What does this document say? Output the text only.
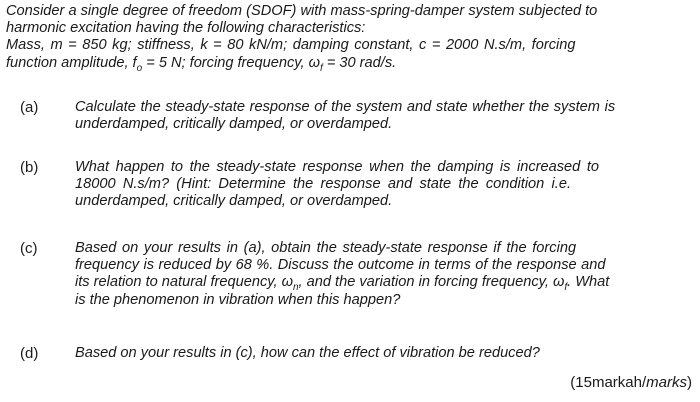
Consider a single degree of freedom (SDOF) with mass-spring-damper system subjected to
harmonic excitation having the following characteristics:
Mass, m = 850 kg; stiffness, k = 80 kN/m; damping constant, c = 2000 N.s/m, forcing
function amplitude, $f_o = 5$ N; forcing frequency, $\omega_f = 30$ rad/s.
(a)	Calculate the steady-state response of the system and state whether the system is
underdamped, critically damped, or overdamped.
(b)	What happen to the steady-state response when the damping is increased to
18000 N.s/m? (Hint: Determine the response and state the condition i.e.
underdamped, critically damped, or overdamped.
(c)	Based on your results in (a), obtain the steady-state response if the forcing
frequency is reduced by 68 %. Discuss the outcome in terms of the response and
its relation to natural frequency, $\omega_n$, and the variation in forcing frequency, $\omega_f$. What
is the phenomenon in vibration when this happen?
(d)	Based on your results in (c), how can the effect of vibration be reduced?
(15markah/marks)
